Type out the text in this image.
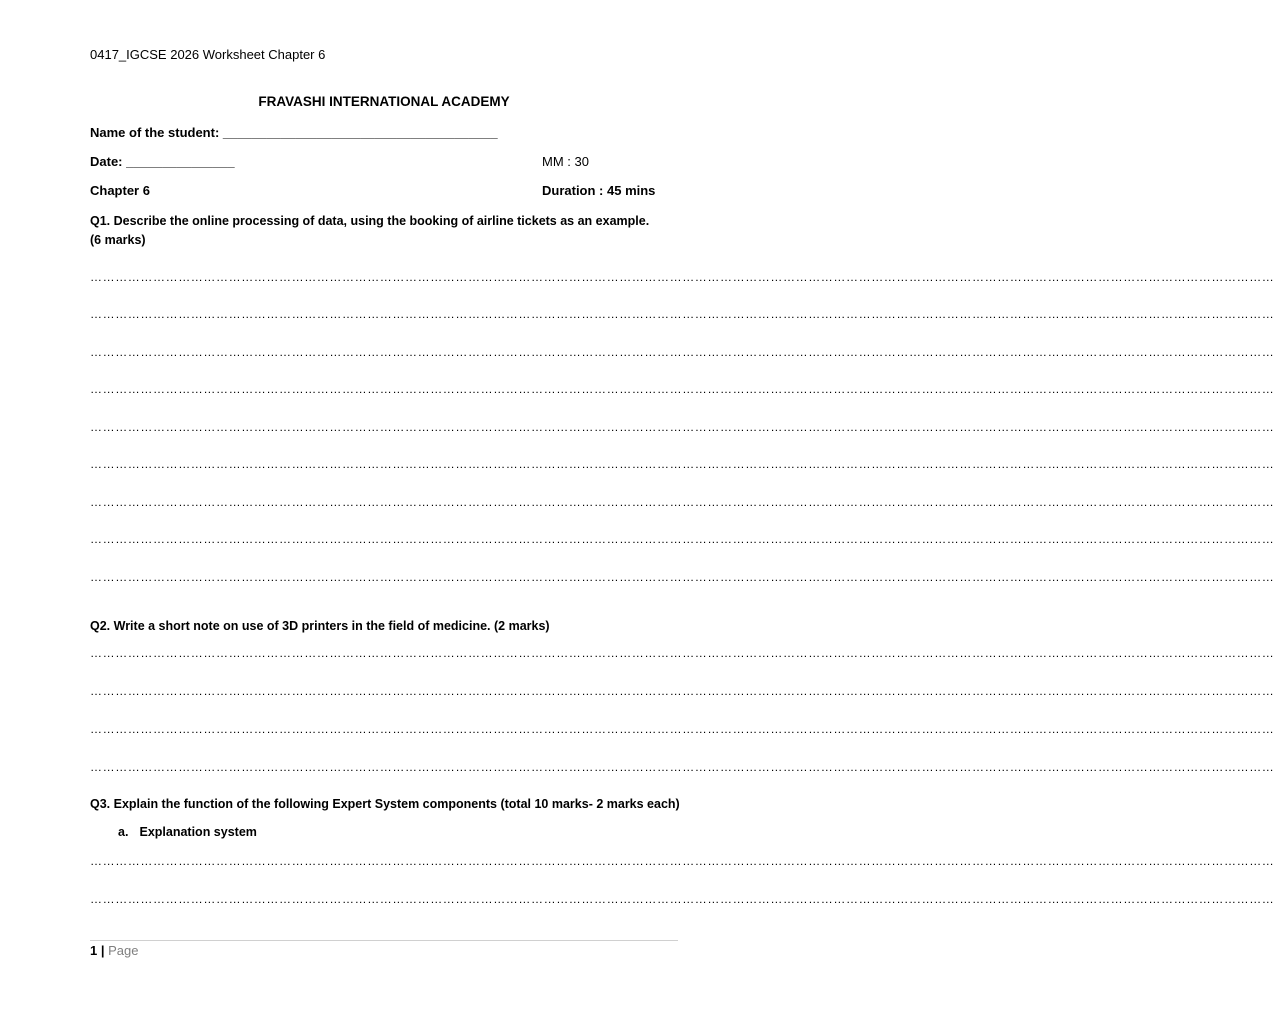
0417_IGCSE 2026 Worksheet Chapter 6
FRAVASHI INTERNATIONAL ACADEMY
Name of the student: ______________________________________
Date: _______________	MM : 30
Chapter 6	Duration : 45 mins
Q1. Describe the online processing of data, using the booking of airline tickets as an example.
(6 marks)
…………………………………………………………………………………………………………………………………………………………………………………………………………………………………………………………
…………………………………………………………………………………………………………………………………………………………………………………………………………………………………………………………
…………………………………………………………………………………………………………………………………………………………………………………………………………………………………………………………
…………………………………………………………………………………………………………………………………………………………………………………………………………………………………………………………
…………………………………………………………………………………………………………………………………………………………………………………………………………………………………………………………
…………………………………………………………………………………………………………………………………………………………………………………………………………………………………………………………
…………………………………………………………………………………………………………………………………………………………………………………………………………………………………………………………
…………………………………………………………………………………………………………………………………………………………………………………………………………………………………………………………
…………………………………………………………………………………………………………………………………………………………………………………………………………………………………………………………
Q2. Write a short note on use of 3D printers in the field of medicine. (2 marks)
…………………………………………………………………………………………………………………………………………………………………………………………………………………………………………………………
…………………………………………………………………………………………………………………………………………………………………………………………………………………………………………………………
…………………………………………………………………………………………………………………………………………………………………………………………………………………………………………………………
…………………………………………………………………………………………………………………………………………………………………………………………………………………………………………………………
Q3. Explain the function of the following Expert System components (total 10 marks- 2 marks each)
a. Explanation system
…………………………………………………………………………………………………………………………………………………………………………………………………………………………………………………………
…………………………………………………………………………………………………………………………………………………………………………………………………………………………………………………………
1 | Page
